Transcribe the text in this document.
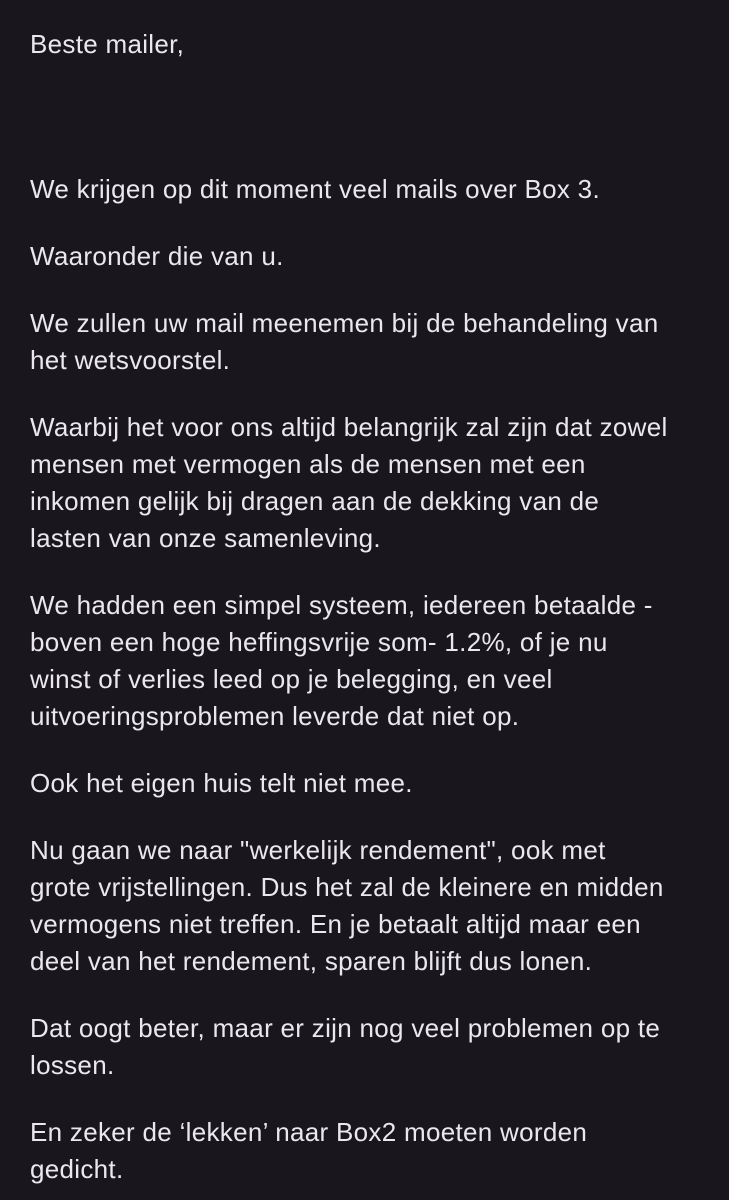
Beste mailer,

We krijgen op dit moment veel mails over Box 3.

Waaronder die van u.

We zullen uw mail meenemen bij de behandeling van
het wetsvoorstel.

Waarbij het voor ons altijd belangrijk zal zijn dat zowel
mensen met vermogen als de mensen met een
inkomen gelijk bij dragen aan de dekking van de
lasten van onze samenleving.

We hadden een simpel systeem, iedereen betaalde -
boven een hoge heffingsvrije som- 1.2%, of je nu
winst of verlies leed op je belegging, en veel
uitvoeringsproblemen leverde dat niet op.

Ook het eigen huis telt niet mee.

Nu gaan we naar "werkelijk rendement", ook met
grote vrijstellingen. Dus het zal de kleinere en midden
vermogens niet treffen. En je betaalt altijd maar een
deel van het rendement, sparen blijft dus lonen.

Dat oogt beter, maar er zijn nog veel problemen op te
lossen.

En zeker de ‘lekken’ naar Box2 moeten worden
gedicht.
